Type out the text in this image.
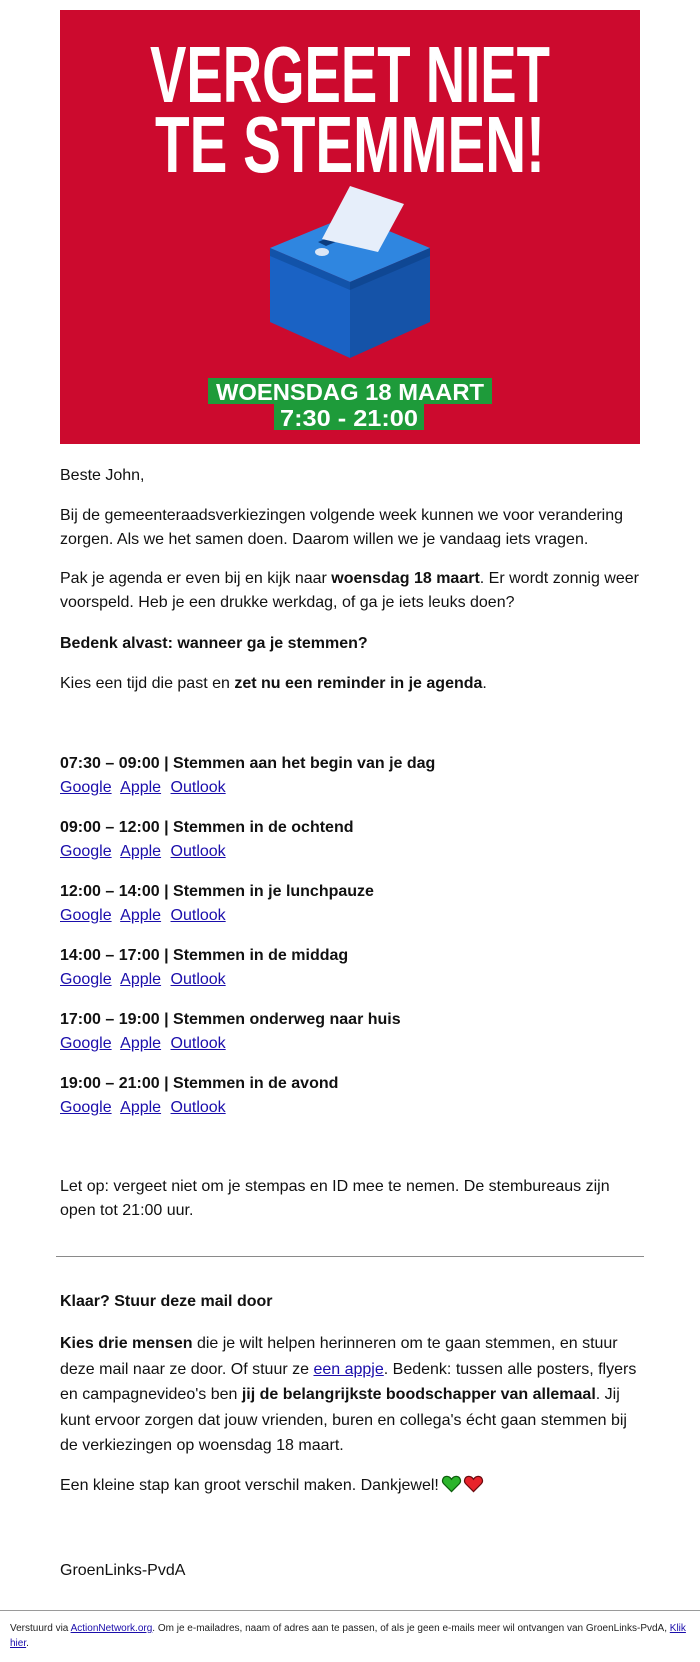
VERGEET NIET
TE STEMMEN!
WOENSDAG 18 MAART
7:30 - 21:00

Beste John,

Bij de gemeenteraadsverkiezingen volgende week kunnen we voor verandering zorgen. Als we het samen doen. Daarom willen we je vandaag iets vragen.

Pak je agenda er even bij en kijk naar woensdag 18 maart. Er wordt zonnig weer voorspeld. Heb je een drukke werkdag, of ga je iets leuks doen?

Bedenk alvast: wanneer ga je stemmen?

Kies een tijd die past en zet nu een reminder in je agenda.

07:30 – 09:00 | Stemmen aan het begin van je dag
Google Apple Outlook
09:00 – 12:00 | Stemmen in de ochtend
Google Apple Outlook
12:00 – 14:00 | Stemmen in je lunchpauze
Google Apple Outlook
14:00 – 17:00 | Stemmen in de middag
Google Apple Outlook
17:00 – 19:00 | Stemmen onderweg naar huis
Google Apple Outlook
19:00 – 21:00 | Stemmen in de avond
Google Apple Outlook

Let op: vergeet niet om je stempas en ID mee te nemen. De stembureaus zijn open tot 21:00 uur.

Klaar? Stuur deze mail door

Kies drie mensen die je wilt helpen herinneren om te gaan stemmen, en stuur deze mail naar ze door. Of stuur ze een appje. Bedenk: tussen alle posters, flyers en campagnevideo's ben jij de belangrijkste boodschapper van allemaal. Jij kunt ervoor zorgen dat jouw vrienden, buren en collega's écht gaan stemmen bij de verkiezingen op woensdag 18 maart.

Een kleine stap kan groot verschil maken. Dankjewel!

GroenLinks-PvdA

Verstuurd via ActionNetwork.org. Om je e-mailadres, naam of adres aan te passen, of als je geen e-mails meer wil ontvangen van GroenLinks-PvdA, Klik hier.
